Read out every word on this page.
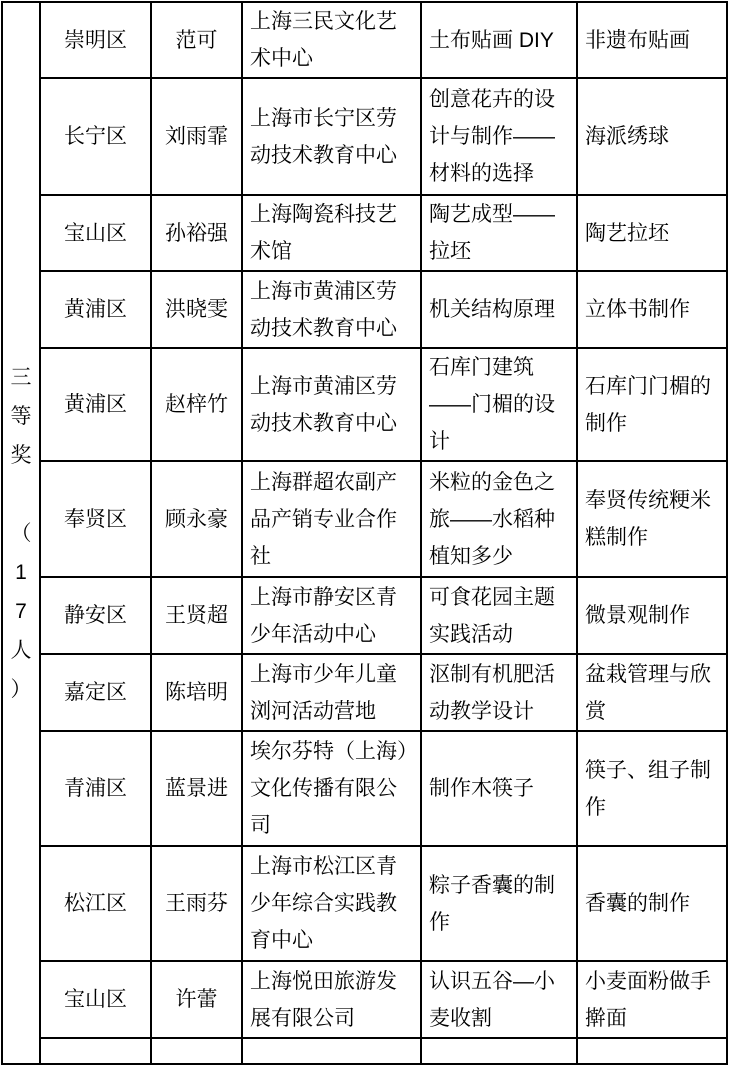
三
等
奖
（
1
7
人
）
	崇明区	范可	上海三民文化艺术中心	土布贴画 DIY	非遗布贴画
	长宁区	刘雨霏	上海市长宁区劳动技术教育中心	创意花卉的设计与制作——材料的选择	海派绣球
	宝山区	孙裕强	上海陶瓷科技艺术馆	陶艺成型——拉坯	陶艺拉坯
	黄浦区	洪晓雯	上海市黄浦区劳动技术教育中心	机关结构原理	立体书制作
	黄浦区	赵梓竹	上海市黄浦区劳动技术教育中心	石库门建筑——门楣的设计	石库门门楣的制作
	奉贤区	顾永豪	上海群超农副产品产销专业合作社	米粒的金色之旅——水稻种植知多少	奉贤传统粳米糕制作
	静安区	王贤超	上海市静安区青少年活动中心	可食花园主题实践活动	微景观制作
	嘉定区	陈培明	上海市少年儿童浏河活动营地	沤制有机肥活动教学设计	盆栽管理与欣赏
	青浦区	蓝景进	埃尔芬特（上海）文化传播有限公司	制作木筷子	筷子、组子制作
	松江区	王雨芬	上海市松江区青少年综合实践教育中心	粽子香囊的制作	香囊的制作
	宝山区	许蕾	上海悦田旅游发展有限公司	认识五谷—小麦收割	小麦面粉做手擀面
